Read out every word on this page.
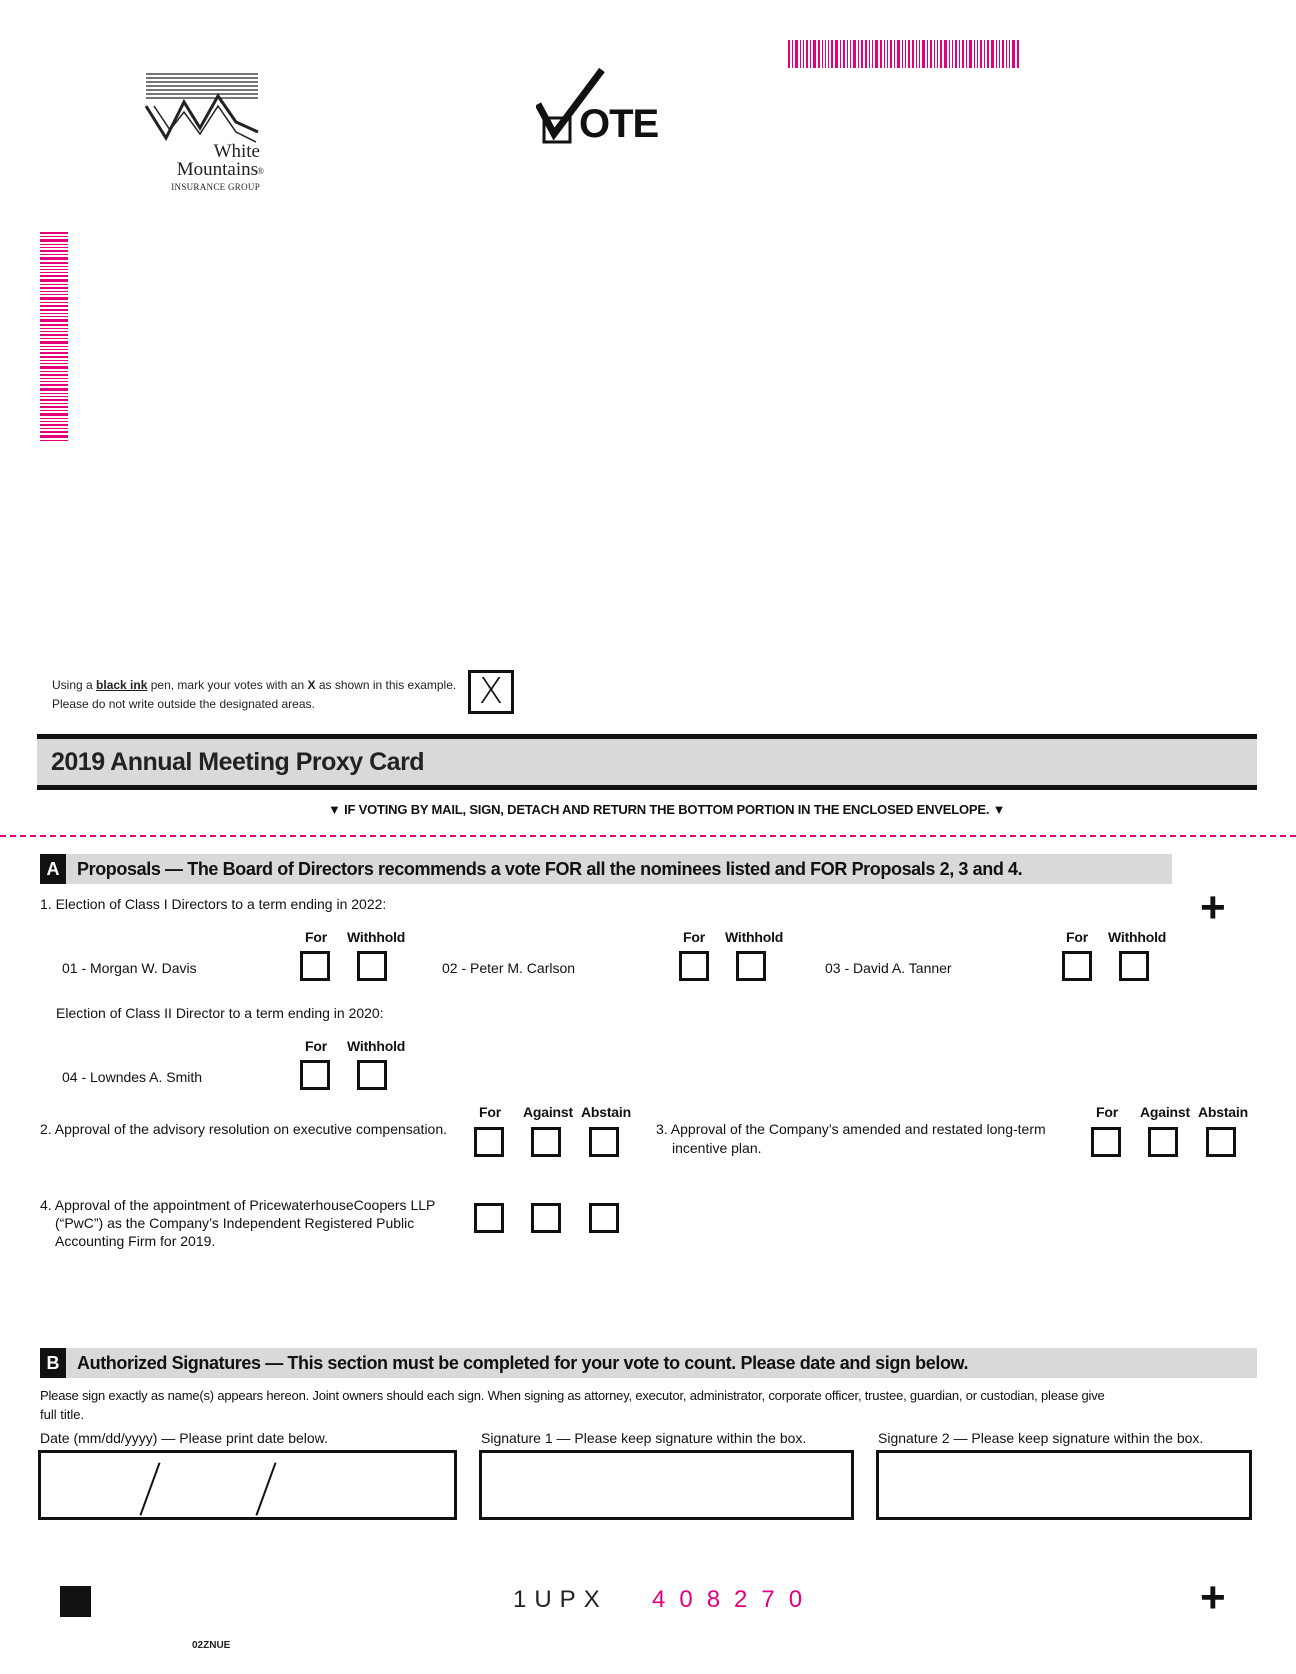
White
Mountains ®
INSURANCE GROUP
OTE
Using a black ink pen, mark your votes with an X as shown in this example.
Please do not write outside the designated areas.	X
2019 Annual Meeting Proxy Card
▼ IF VOTING BY MAIL, SIGN, DETACH AND RETURN THE BOTTOM PORTION IN THE ENCLOSED ENVELOPE. ▼
A Proposals — The Board of Directors recommends a vote FOR all the nominees listed and FOR Proposals 2, 3 and 4.
+
1. Election of Class I Directors to a term ending in 2022:
For Withhold	For Withhold	For Withhold
01 - Morgan W. Davis	02 - Peter M. Carlson	03 - David A. Tanner
Election of Class II Director to a term ending in 2020:
For Withhold
04 - Lowndes A. Smith
For Against Abstain
2. Approval of the advisory resolution on executive compensation.
For Against Abstain
3. Approval of the Company’s amended and restated long-term
incentive plan.
4. Approval of the appointment of PricewaterhouseCoopers LLP
(“PwC”) as the Company’s Independent Registered Public
Accounting Firm for 2019.
B Authorized Signatures — This section must be completed for your vote to count. Please date and sign below.
Please sign exactly as name(s) appears hereon. Joint owners should each sign. When signing as attorney, executor, administrator, corporate officer, trustee, guardian, or custodian, please give
full title.
Date (mm/dd/yyyy) — Please print date below.	Signature 1 — Please keep signature within the box.	Signature 2 — Please keep signature within the box.
1UPX 408270	+
02ZNUE
